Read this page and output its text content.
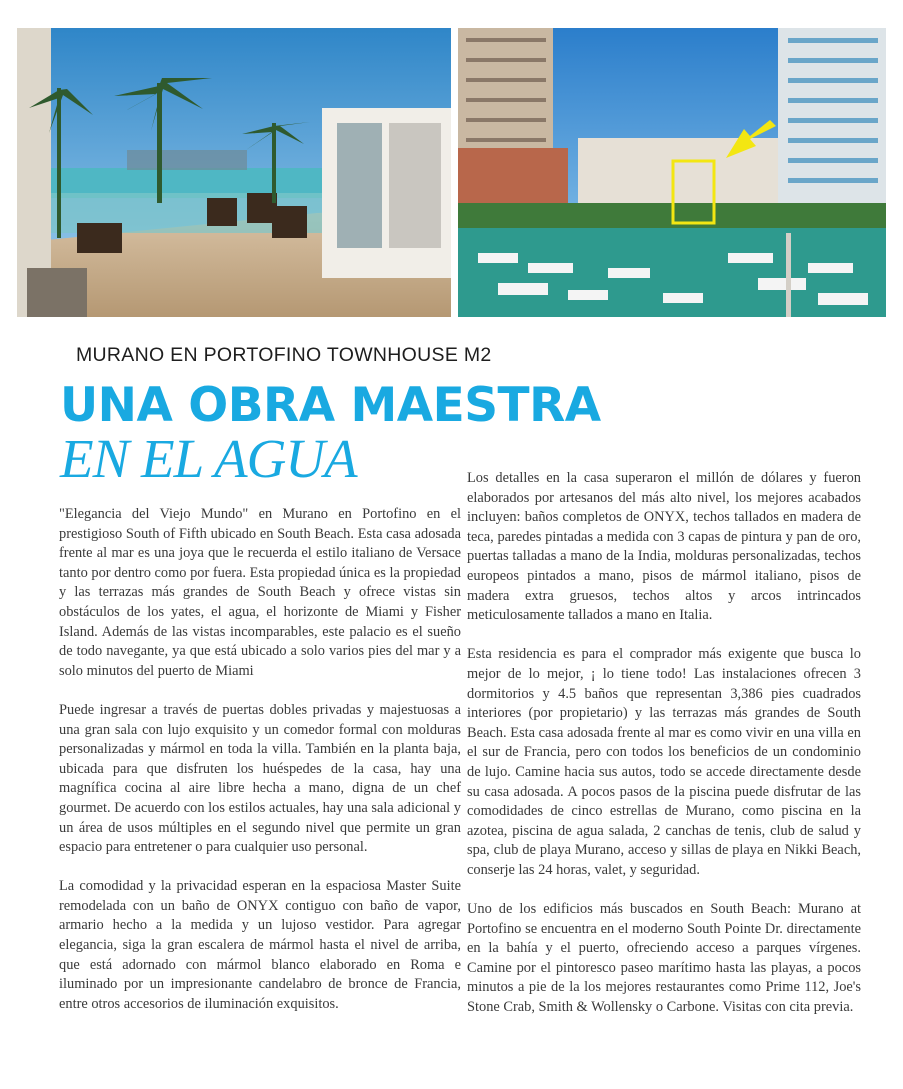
MURANO EN PORTOFINO TOWNHOUSE M2
UNA OBRA MAESTRA
EN EL AGUA

"Elegancia del Viejo Mundo" en Murano en Portofino en el prestigioso South of Fifth ubicado en South Beach. Esta casa adosada frente al mar es una joya que le recuerda el estilo italiano de Versace tanto por dentro como por fuera. Esta propiedad única es la propiedad y las terrazas más grandes de South Beach y ofrece vistas sin obstáculos de los yates, el agua, el horizonte de Miami y Fisher Island. Además de las vistas incomparables, este palacio es el sueño de todo navegante, ya que está ubicado a solo varios pies del mar y a solo minutos del puerto de Miami

Puede ingresar a través de puertas dobles privadas y majestuosas a una gran sala con lujo exquisito y un comedor formal con molduras personalizadas y mármol en toda la villa. También en la planta baja, ubicada para que disfruten los huéspedes de la casa, hay una magnífica cocina al aire libre hecha a mano, digna de un chef gourmet. De acuerdo con los estilos actuales, hay una sala adicional y un área de usos múltiples en el segundo nivel que permite un gran espacio para entretener o para cualquier uso personal.

La comodidad y la privacidad esperan en la espaciosa Master Suite remodelada con un baño de ONYX contiguo con baño de vapor, armario hecho a la medida y un lujoso vestidor. Para agregar elegancia, siga la gran escalera de mármol hasta el nivel de arriba, que está adornado con mármol blanco elaborado en Roma e iluminado por un impresionante candelabro de bronce de Francia, entre otros accesorios de iluminación exquisitos.

Los detalles en la casa superaron el millón de dólares y fueron elaborados por artesanos del más alto nivel, los mejores acabados incluyen: baños completos de ONYX, techos tallados en madera de teca, paredes pintadas a medida con 3 capas de pintura y pan de oro, puertas talladas a mano de la India, molduras personalizadas, techos europeos pintados a mano, pisos de mármol italiano, pisos de madera extra gruesos, techos altos y arcos intrincados meticulosamente tallados a mano en Italia.

Esta residencia es para el comprador más exigente que busca lo mejor de lo mejor, ¡ lo tiene todo! Las instalaciones ofrecen 3 dormitorios y 4.5 baños que representan 3,386 pies cuadrados interiores (por propietario) y las terrazas más grandes de South Beach. Esta casa adosada frente al mar es como vivir en una villa en el sur de Francia, pero con todos los beneficios de un condominio de lujo. Camine hacia sus autos, todo se accede directamente desde su casa adosada. A pocos pasos de la piscina puede disfrutar de las comodidades de cinco estrellas de Murano, como piscina en la azotea, piscina de agua salada, 2 canchas de tenis, club de salud y spa, club de playa Murano, acceso y sillas de playa en Nikki Beach, conserje las 24 horas, valet, y seguridad.

Uno de los edificios más buscados en South Beach: Murano at Portofino se encuentra en el moderno South Pointe Dr. directamente en la bahía y el puerto, ofreciendo acceso a parques vírgenes. Camine por el pintoresco paseo marítimo hasta las playas, a pocos minutos a pie de la los mejores restaurantes como Prime 112, Joe's Stone Crab, Smith & Wollensky o Carbone. Visitas con cita previa.
